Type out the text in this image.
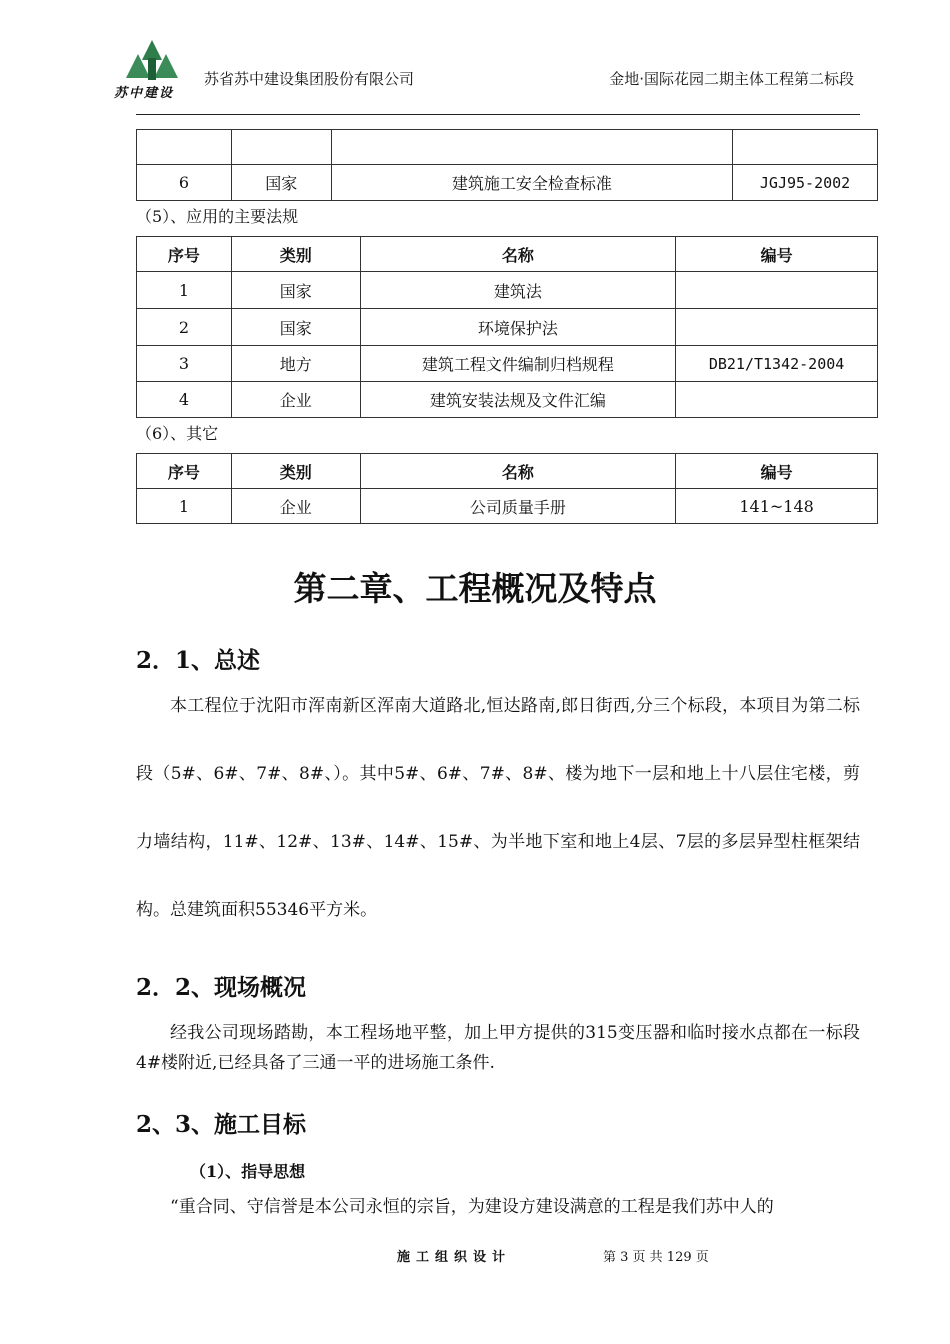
苏中建设
苏省苏中建设集团股份有限公司	金地·国际花园二期主体工程第二标段

6	国家	建筑施工安全检查标准	JGJ95-2002
（5）、应用的主要法规
序号	类别	名称	编号
1	国家	建筑法	
2	国家	环境保护法	
3	地方	建筑工程文件编制归档规程	DB21/T1342-2004
4	企业	建筑安装法规及文件汇编	
（6）、其它
序号	类别	名称	编号
1	企业	公司质量手册	141~148
第二章、工程概况及特点
2．1、总述
本工程位于沈阳市浑南新区浑南大道路北,恒达路南,郎日街西,分三个标段，本项目为第二标段（5#、6#、7#、8#、）。其中5#、6#、7#、8#、楼为地下一层和地上十八层住宅楼，剪力墙结构，11#、12#、13#、14#、15#、为半地下室和地上4层、7层的多层异型柱框架结构。总建筑面积55346平方米。
2．2、现场概况
经我公司现场踏勘，本工程场地平整，加上甲方提供的315变压器和临时接水点都在一标段4#楼附近,已经具备了三通一平的进场施工条件.
2、3、施工目标
（1）、指导思想
“重合同、守信誉是本公司永恒的宗旨，为建设方建设满意的工程是我们苏中人的
施工组织设计	第 3 页 共 129 页
